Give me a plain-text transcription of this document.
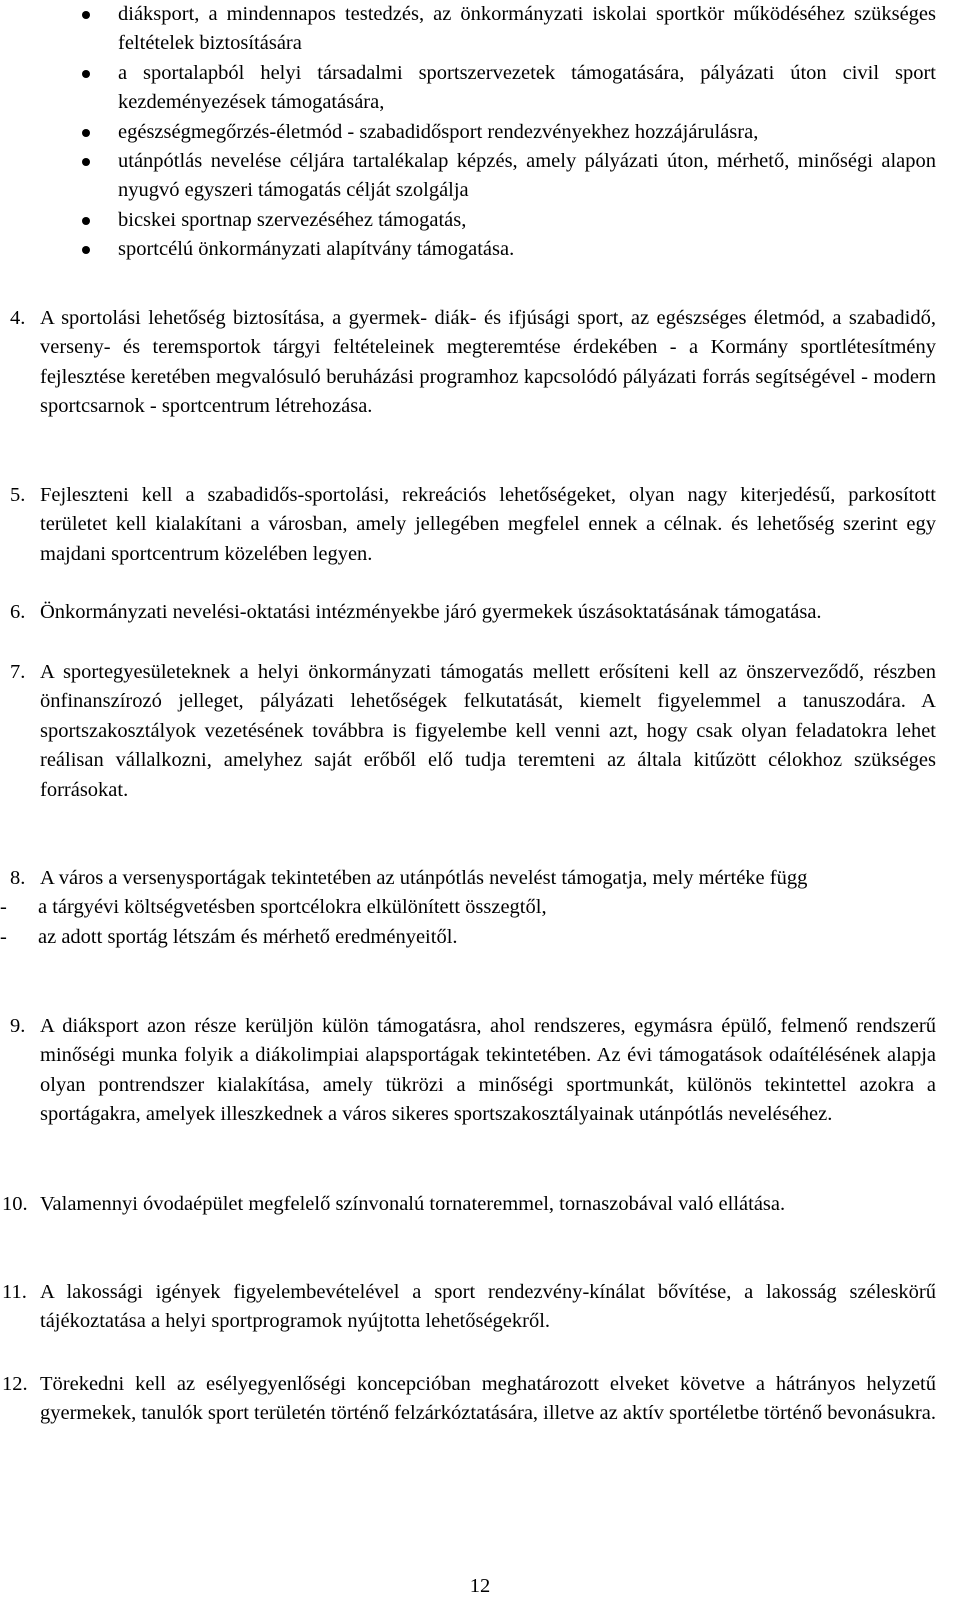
diáksport, a mindennapos testedzés, az önkormányzati iskolai sportkör működéséhez szükséges feltételek biztosítására
a sportalapból helyi társadalmi sportszervezetek támogatására, pályázati úton civil sport kezdeményezések támogatására,
egészségmegőrzés-életmód - szabadidősport rendezvényekhez hozzájárulásra,
utánpótlás nevelése céljára tartalékalap képzés, amely pályázati úton, mérhető, minőségi alapon nyugvó egyszeri támogatás célját szolgálja
bicskei sportnap szervezéséhez támogatás,
sportcélú önkormányzati alapítvány támogatása.
4. A sportolási lehetőség biztosítása, a gyermek- diák- és ifjúsági sport, az egészséges életmód, a szabadidő, verseny- és teremsportok tárgyi feltételeinek megteremtése érdekében - a Kormány sportlétesítmény fejlesztése keretében megvalósuló beruházási programhoz kapcsolódó pályázati forrás segítségével - modern sportcsarnok - sportcentrum létrehozása.
5. Fejleszteni kell a szabadidős-sportolási, rekreációs lehetőségeket, olyan nagy kiterjedésű, parkosított területet kell kialakítani a városban, amely jellegében megfelel ennek a célnak. és lehetőség szerint egy majdani sportcentrum közelében legyen.
6. Önkormányzati nevelési-oktatási intézményekbe járó gyermekek úszásoktatásának támogatása.
7. A sportegyesületeknek a helyi önkormányzati támogatás mellett erősíteni kell az önszerveződő, részben önfinanszírozó jelleget, pályázati lehetőségek felkutatását, kiemelt figyelemmel a tanuszodára. A sportszakosztályok vezetésének továbbra is figyelembe kell venni azt, hogy csak olyan feladatokra lehet reálisan vállalkozni, amelyhez saját erőből elő tudja teremteni az általa kitűzött célokhoz szükséges forrásokat.
8. A város a versenysportágak tekintetében az utánpótlás nevelést támogatja, mely mértéke függ
- a tárgyévi költségvetésben sportcélokra elkülönített összegtől,
- az adott sportág létszám és mérhető eredményeitől.
9. A diáksport azon része kerüljön külön támogatásra, ahol rendszeres, egymásra épülő, felmenő rendszerű minőségi munka folyik a diákolimpiai alapsportágak tekintetében. Az évi támogatások odaítélésének alapja olyan pontrendszer kialakítása, amely tükrözi a minőségi sportmunkát, különös tekintettel azokra a sportágakra, amelyek illeszkednek a város sikeres sportszakosztályainak utánpótlás neveléséhez.
10. Valamennyi óvodaépület megfelelő színvonalú tornateremmel, tornaszobával való ellátása.
11. A lakossági igények figyelembevételével a sport rendezvény-kínálat bővítése, a lakosság széleskörű tájékoztatása a helyi sportprogramok nyújtotta lehetőségekről.
12. Törekedni kell az esélyegyenlőségi koncepcióban meghatározott elveket követve a hátrányos helyzetű gyermekek, tanulók sport területén történő felzárkóztatására, illetve az aktív sportéletbe történő bevonásukra.
12
